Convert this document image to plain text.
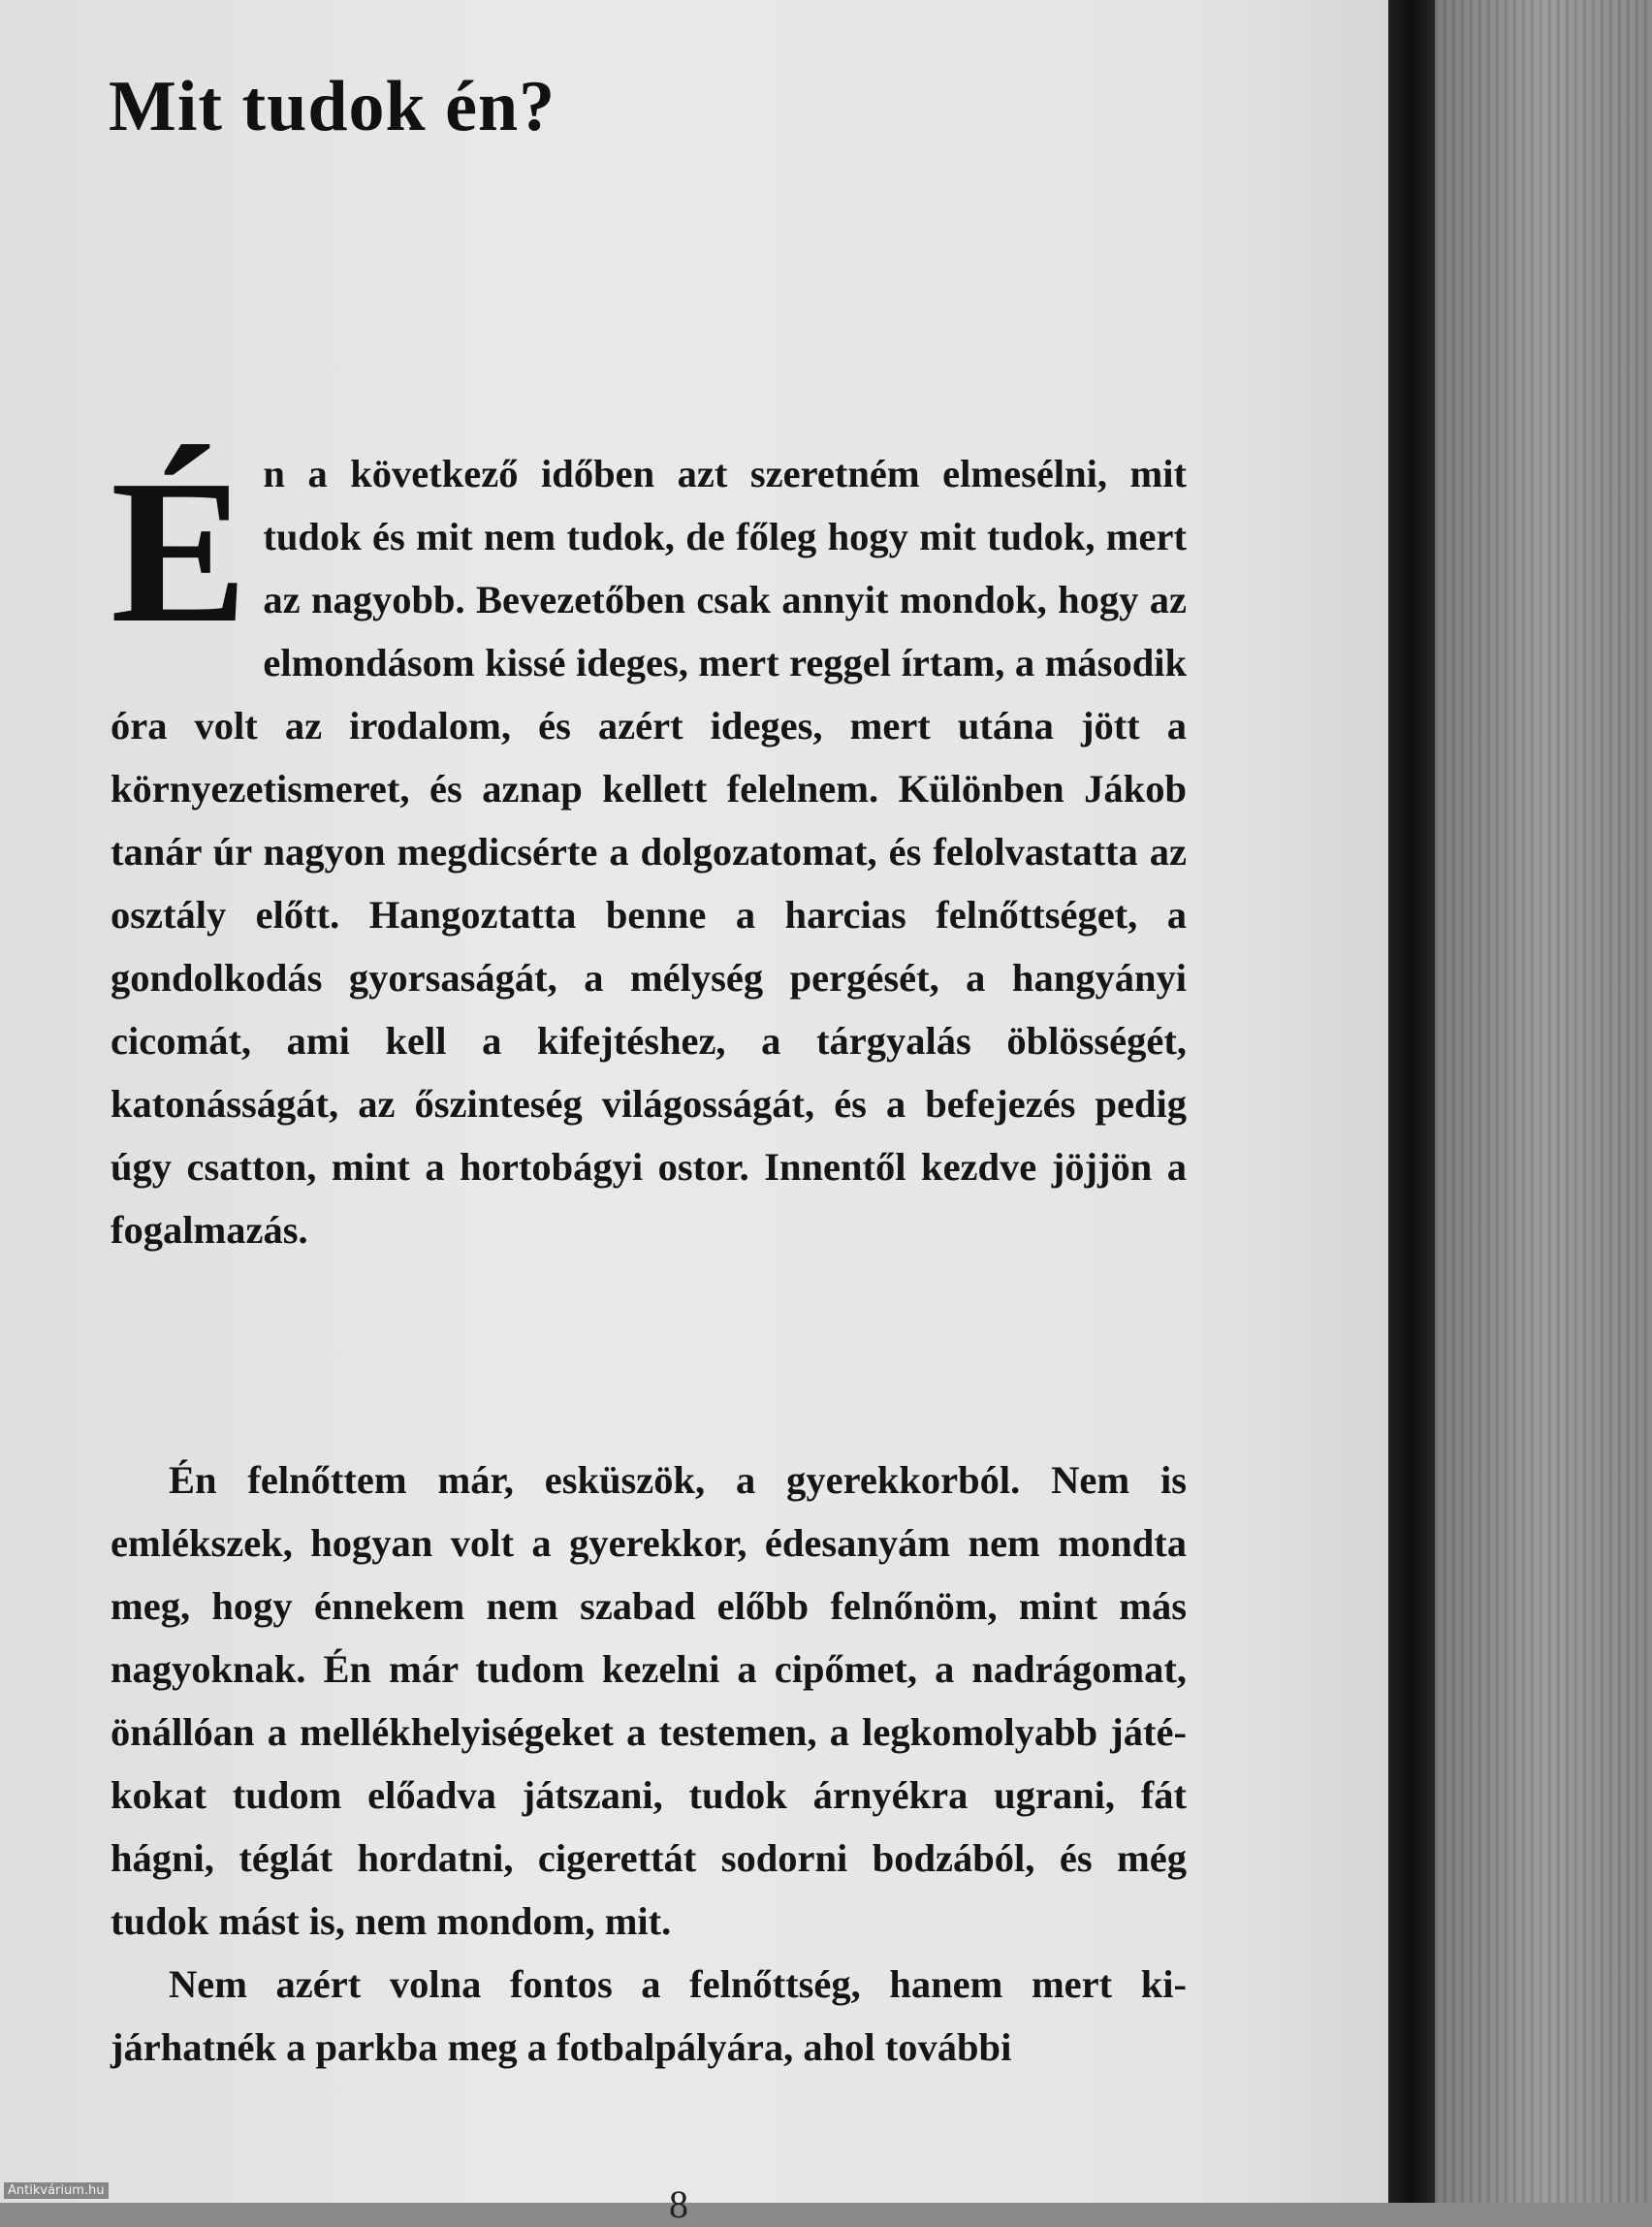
Mit tudok én?

Én a következő időben azt szeretném elmesélni, mit tudok és mit nem tudok, de főleg hogy mit tudok, mert az nagyobb. Bevezetőben csak annyit mondok, hogy az elmondásom kissé ideges, mert reggel írtam, a második óra volt az irodalom, és azért ideges, mert utána jött a környezetismeret, és aznap kellett felelnem. Különben Jákob tanár úr nagyon megdicsérte a dolgozatomat, és felolvastatta az osztály előtt. Hangoztatta benne a harcias felnőttséget, a gondolkodás gyorsaságát, a mélység pergését, a hangyányi cicomát, ami kell a kifejtéshez, a tárgyalás öblösségét, katonásságát, az őszinteség világosságát, és a befejezés pedig úgy csatton, mint a hortobágyi ostor. Innentől kezdve jöjjön a fogalmazás.

Én felnőttem már, esküszök, a gyerekkorból. Nem is emlékszek, hogyan volt a gyerekkor, édesanyám nem mondta meg, hogy énnekem nem szabad előbb felnőnöm, mint más nagyoknak. Én már tudom kezelni a cipőmet, a nadrágomat, önállóan a mellékhelyiségeket a testemen, a legkomolyabb játékokat tudom előadva játszani, tudok árnyékra ugrani, fát hágni, téglát hordatni, cigerettát sodorni bodzából, és még tudok mást is, nem mondom, mit.

Nem azért volna fontos a felnőttség, hanem mert kijárhatnék a parkba meg a fotbalpályára, ahol további

8
Antikvárium.hu
